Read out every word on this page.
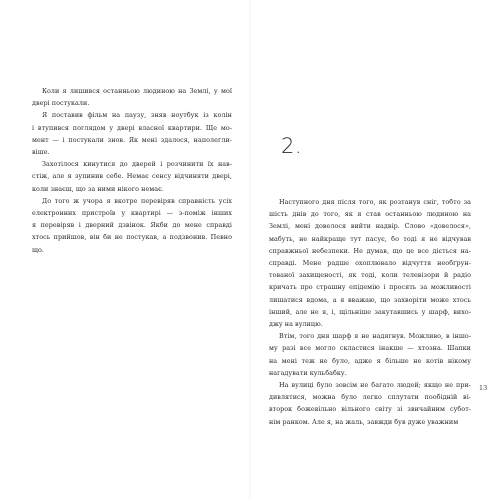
Коли я лишився останньою людиною на Землі, у мої
двері постукали.

Я поставив фільм на паузу, зняв ноутбук із колін
і втупився поглядом у двері власної квартири. Ще мо-
мент — і постукали знов. Як мені здалося, наполегли-
віше.

Захотілося кинутися до дверей і розчинити їх нав-
стіж, але я зупинив себе. Немає сенсу відчиняти двері,
коли знаєш, що за ними нікого немає.

До того ж учора я вкотре перевіряв справність усіх
електронних пристроїв у квартирі — з-поміж інших
я перевіряв і дверний дзвінок. Якби до мене справді
хтось прийшов, він би не постукав, а подзвонив. Певно
що.

2.

Наступного дня після того, як розтанув сніг, тобто за
шість днів до того, як я став останньою людиною на
Землі, мені довелося вийти надвір. Слово «довелося»,
мабуть, не найкраще тут пасує, бо тоді я не відчував
справжньої небезпеки. Не думав, що це все діється на-
справді. Мене радше охоплювало відчуття необґрун-
тованої захищеності, як тоді, коли телевізори й радіо
кричать про страшну епідемію і просять за можливості
лишатися вдома, а я вважаю, що захворіти може хтось
інший, але не я, і, щільніше закутавшись у шарф, вихо-
джу на вулицю.

Втім, того дня шарф я не надягнув. Можливо, в іншо-
му разі все могло скластися інакше — хтозна. Шапки
на мені теж не було, адже я більше не котів нікому
нагадувати кульбабку.

На вулиці було зовсім не багато людей; якщо не при-
дивлятися, можна було легко сплутати пообідній ві-
второк божевільно вільного світу зі звичайним субот-
нім ранком. Але я, на жаль, завжди був дуже уважним

13
